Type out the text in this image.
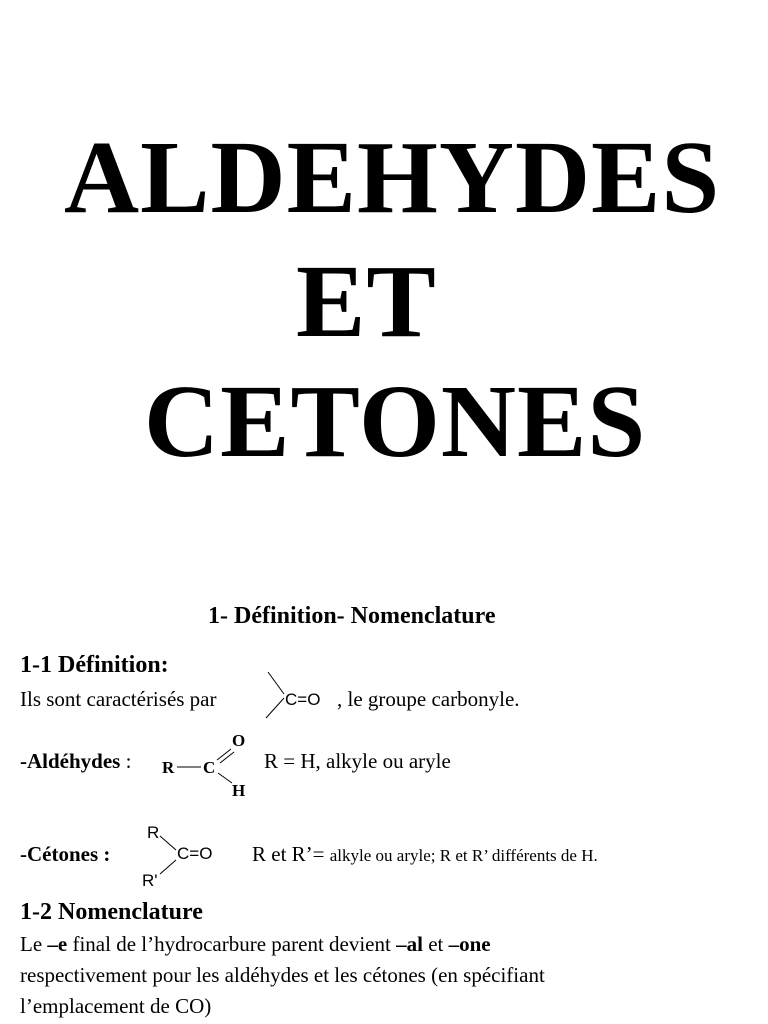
ALDEHYDES
ET
CETONES
1- Définition- Nomenclature
1-1 Définition:
Ils sont caractérisés par	C=O , le groupe carbonyle.
-Aldéhydes : R C
O
H
R = H, alkyle ou aryle
-Cétones :
R
C=O
R'
R et R’= alkyle ou aryle; R et R’ différents de H.
1-2 Nomenclature
Le –e final de l’hydrocarbure parent devient –al et –one
respectivement pour les aldéhydes et les cétones (en spécifiant
l’emplacement de CO)
